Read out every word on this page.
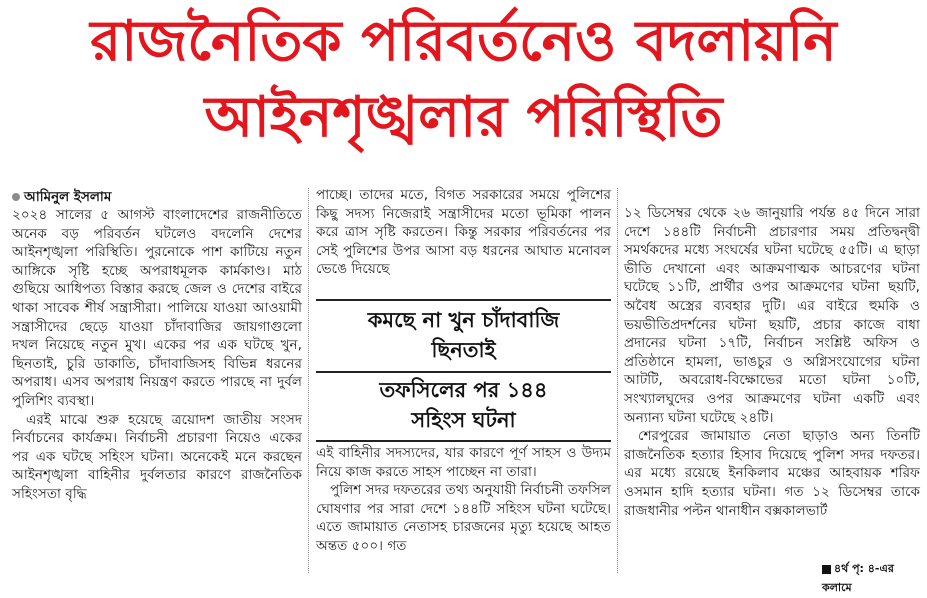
রাজনৈতিক পরিবর্তনেও বদলায়নি
আইনশৃঙ্খলার পরিস্থিতি
আমিনুল ইসলাম

২০২৪ সালের ৫ আগস্ট বাংলাদেশের রাজনীতিতে অনেক বড় পরিবর্তন ঘটলেও বদলেনি দেশের আইনশৃঙ্খলা পরিস্থিতি। পুরনোকে পাশ কাটিয়ে নতুন আঙ্গিকে সৃষ্টি হচ্ছে অপরাধমূলক কার্মকাণ্ড। মাঠ গুছিয়ে আধিপত্য বিস্তার করছে জেল ও দেশের বাইরে থাকা সাবেক শীর্ষ সন্ত্রাসীরা। পালিয়ে যাওয়া আওয়ামী সন্ত্রাসীদের ছেড়ে যাওয়া চাঁদাবাজির জায়গাগুলো দখল নিয়েছে নতুন মুখ। একের পর এক ঘটছে খুন, ছিনতাই, চুরি ডাকাতি, চাঁদাবাজিসহ বিভিন্ন ধরনের অপরাধ। এসব অপরাধ নিয়ন্ত্রণ করতে পারছে না দুর্বল পুলিশিং ব্যবস্থা।

এরই মাঝে শুরু হয়েছে ত্রয়োদশ জাতীয় সংসদ নির্বাচনের কার্যক্রম। নির্বাচনী প্রচারণা নিয়েও একের পর এক ঘটছে সহিংস ঘটনা। অনেকেই মনে করছেন আইনশৃঙ্খলা বাহিনীর দুর্বলতার কারণে রাজনৈতিক সহিংসতা বৃদ্ধি

পাচ্ছে। তাদের মতে, বিগত সরকারের সময়ে পুলিশের কিছু সদস্য নিজেরাই সন্ত্রাসীদের মতো ভূমিকা পালন করে ত্রাস সৃষ্টি করতেন। কিন্তু সরকার পরিবর্তনের পর সেই পুলিশের উপর আসা বড় ধরনের আঘাত মনোবল ভেঙে দিয়েছে

কমছে না খুন চাঁদাবাজি
ছিনতাই
তফসিলের পর ১৪৪
সহিংস ঘটনা

এই বাহিনীর সদস্যদের, যার কারণে পূর্ণ সাহস ও উদ্যম নিয়ে কাজ করতে সাহস পাচ্ছেন না তারা।

পুলিশ সদর দফতরের তথ্য অনুযায়ী নির্বাচনী তফসিল ঘোষণার পর সারা দেশে ১৪৪টি সহিংস ঘটনা ঘটেছে। এতে জামায়াত নেতাসহ চারজনের মৃত্যু হয়েছে আহত অন্তত ৫০০। গত

১২ ডিসেম্বর থেকে ২৬ জানুয়ারি পর্যন্ত ৪৫ দিনে সারা দেশে ১৪৪টি নির্বাচনী প্রচারণার সময় প্রতিদ্বন্দ্বী সমর্থকদের মধ্যে সংঘর্ষের ঘটনা ঘটেছে ৫৫টি। এ ছাড়া ভীতি দেখানো এবং আক্রমণাত্মক আচরণের ঘটনা ঘটেছে ১১টি, প্রার্থীর ওপর আক্রমণের ঘটনা ছয়টি, অবৈধ অস্ত্রের ব্যবহার দুটি। এর বাইরে হুমকি ও ভয়ভীতিপ্রদর্শনের ঘটনা ছয়টি, প্রচার কাজে বাধা প্রদানের ঘটনা ১৭টি, নির্বাচন সংশ্লিষ্ট অফিস ও প্রতিষ্ঠানে হামলা, ভাঙচুর ও অগ্নিসংযোগের ঘটনা আটটি, অবরোধ-বিক্ষোভের মতো ঘটনা ১০টি, সংখ্যালঘুদের ওপর আক্রমণের ঘটনা একটি এবং অন্যান্য ঘটনা ঘটেছে ২৪টি।

শেরপুরের জামায়াত নেতা ছাড়াও অন্য তিনটি রাজনৈতিক হত্যার হিসাব দিয়েছে পুলিশ সদর দফতর। এর মধ্যে রয়েছে ইনকিলাব মঞ্চের আহবায়ক শরিফ ওসমান হাদি হত্যার ঘটনা। গত ১২ ডিসেম্বর তাকে রাজধানীর পল্টন থানাধীন বক্সকালভার্ট

৪র্থ পৃ: ৪-এর কলামে
